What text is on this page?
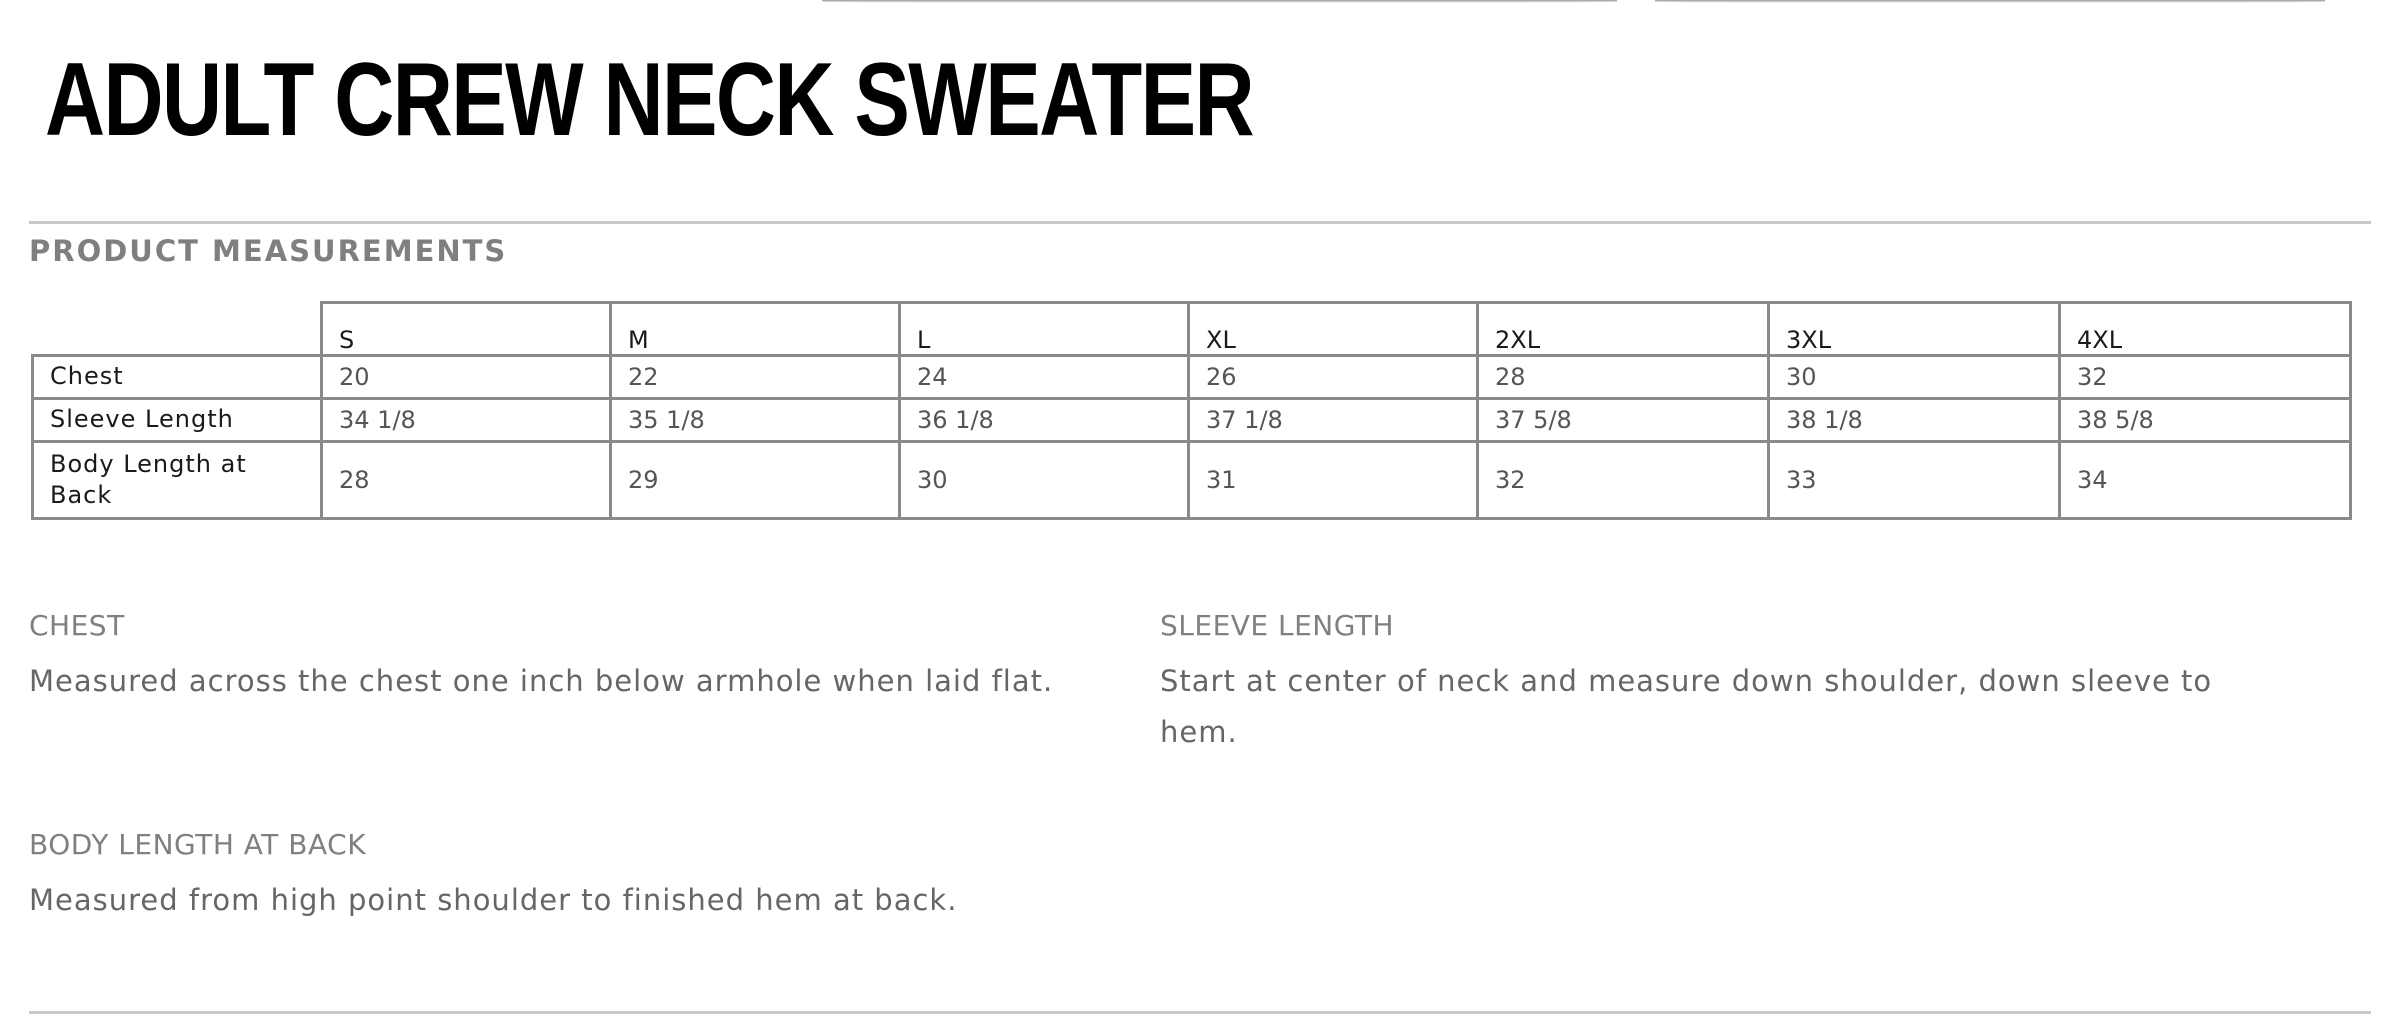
ADULT CREW NECK SWEATER
PRODUCT MEASUREMENTS
	S	M	L	XL	2XL	3XL	4XL
Chest	20	22	24	26	28	30	32
Sleeve Length	34 1/8	35 1/8	36 1/8	37 1/8	37 5/8	38 1/8	38 5/8
Body Length at Back	28	29	30	31	32	33	34
CHEST

Measured across the chest one inch below armhole when laid flat.

SLEEVE LENGTH

Start at center of neck and measure down shoulder, down sleeve to hem.

BODY LENGTH AT BACK

Measured from high point shoulder to finished hem at back.
